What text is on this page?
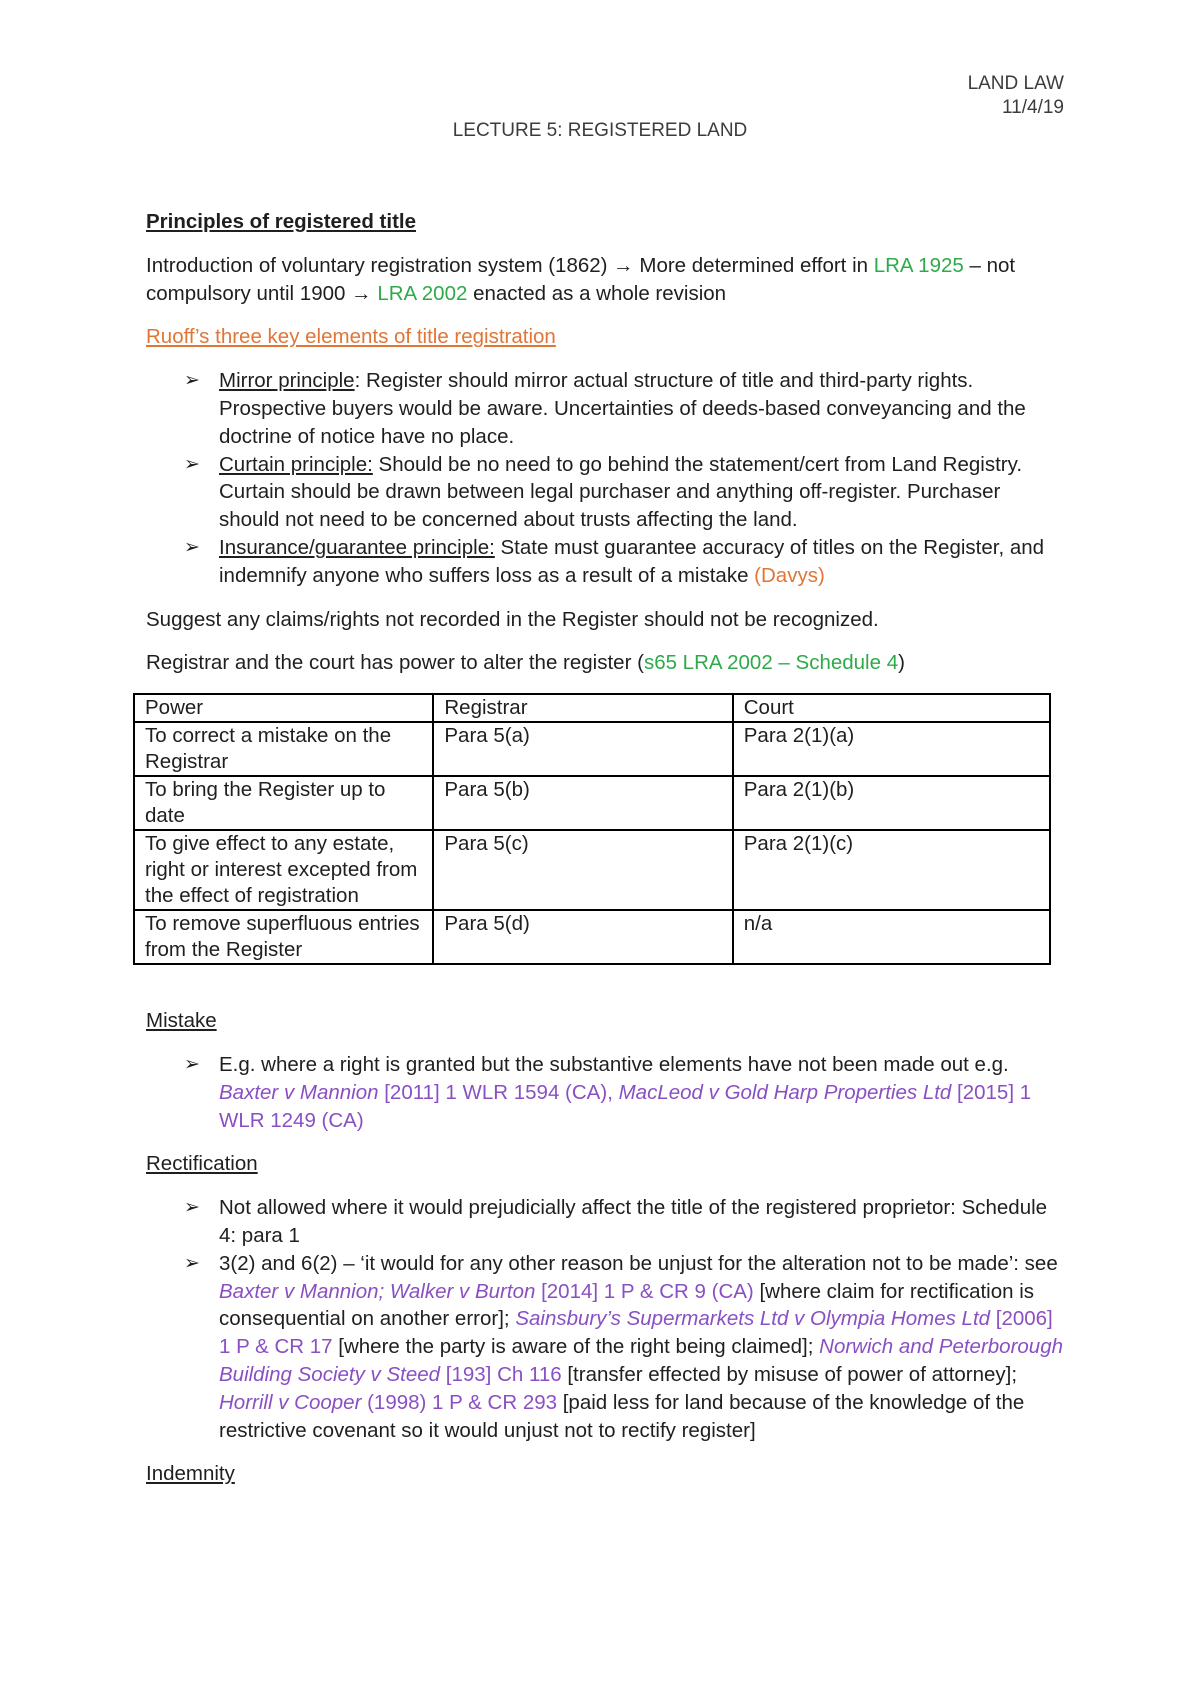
LAND LAW
11/4/19
LECTURE 5: REGISTERED LAND

Principles of registered title

Introduction of voluntary registration system (1862) → More determined effort in LRA 1925 – not compulsory until 1900 → LRA 2002 enacted as a whole revision

Ruoff’s three key elements of title registration

➢ Mirror principle: Register should mirror actual structure of title and third-party rights. Prospective buyers would be aware. Uncertainties of deeds-based conveyancing and the doctrine of notice have no place.
➢ Curtain principle: Should be no need to go behind the statement/cert from Land Registry. Curtain should be drawn between legal purchaser and anything off-register. Purchaser should not need to be concerned about trusts affecting the land.
➢ Insurance/guarantee principle: State must guarantee accuracy of titles on the Register, and indemnify anyone who suffers loss as a result of a mistake (Davys)

Suggest any claims/rights not recorded in the Register should not be recognized.

Registrar and the court has power to alter the register (s65 LRA 2002 – Schedule 4)

Power	Registrar	Court
To correct a mistake on the Registrar	Para 5(a)	Para 2(1)(a)
To bring the Register up to date	Para 5(b)	Para 2(1)(b)
To give effect to any estate, right or interest excepted from the effect of registration	Para 5(c)	Para 2(1)(c)
To remove superfluous entries from the Register	Para 5(d)	n/a

Mistake

➢ E.g. where a right is granted but the substantive elements have not been made out e.g. Baxter v Mannion [2011] 1 WLR 1594 (CA), MacLeod v Gold Harp Properties Ltd [2015] 1 WLR 1249 (CA)

Rectification

➢ Not allowed where it would prejudicially affect the title of the registered proprietor: Schedule 4: para 1
➢ 3(2) and 6(2) – ‘it would for any other reason be unjust for the alteration not to be made’: see Baxter v Mannion; Walker v Burton [2014] 1 P & CR 9 (CA) [where claim for rectification is consequential on another error]; Sainsbury’s Supermarkets Ltd v Olympia Homes Ltd [2006] 1 P & CR 17 [where the party is aware of the right being claimed]; Norwich and Peterborough Building Society v Steed [193] Ch 116 [transfer effected by misuse of power of attorney]; Horrill v Cooper (1998) 1 P & CR 293 [paid less for land because of the knowledge of the restrictive covenant so it would unjust not to rectify register]

Indemnity
